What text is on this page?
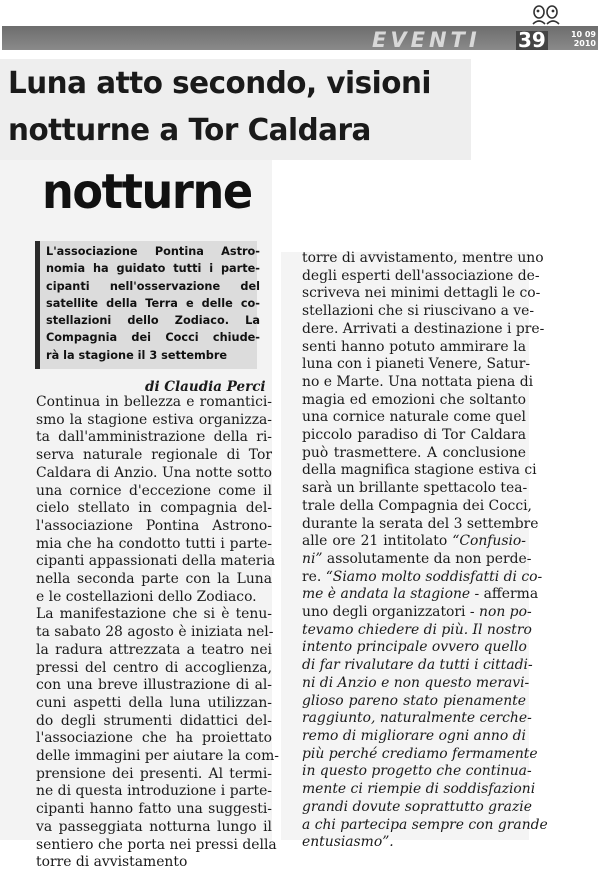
EVENTI 39	10 09
2010
Luna atto secondo, visioni
notturne a Tor Caldara
notturne

L'associazione Pontina Astro-
nomia ha guidato tutti i parte-
cipanti nell'osservazione del
satellite della Terra e delle co-
stellazioni dello Zodiaco. La
Compagnia dei Cocci chiude-
rà la stagione il 3 settembre

di Claudia Perci

Continua in bellezza e romantici-
smo la stagione estiva organizza-
ta dall'amministrazione della ri-
serva naturale regionale di Tor
Caldara di Anzio. Una notte sotto
una cornice d'eccezione come il
cielo stellato in compagnia del-
l'associazione Pontina Astrono-
mia che ha condotto tutti i parte-
cipanti appassionati della materia
nella seconda parte con la Luna
e le costellazioni dello Zodiaco.
La manifestazione che si è tenu-
ta sabato 28 agosto è iniziata nel-
la radura attrezzata a teatro nei
pressi del centro di accoglienza,
con una breve illustrazione di al-
cuni aspetti della luna utilizzan-
do degli strumenti didattici del-
l'associazione che ha proiettato
delle immagini per aiutare la com-
prensione dei presenti. Al termi-
ne di questa introduzione i parte-
cipanti hanno fatto una suggesti-
va passeggiata notturna lungo il
sentiero che porta nei pressi della
torre di avvistamento

torre di avvistamento, mentre uno
degli esperti dell'associazione de-
scriveva nei minimi dettagli le co-
stellazioni che si riuscivano a ve-
dere. Arrivati a destinazione i pre-
senti hanno potuto ammirare la
luna con i pianeti Venere, Satur-
no e Marte. Una nottata piena di
magia ed emozioni che soltanto
una cornice naturale come quel
piccolo paradiso di Tor Caldara
può trasmettere. A conclusione
della magnifica stagione estiva ci
sarà un brillante spettacolo tea-
trale della Compagnia dei Cocci,
durante la serata del 3 settembre
alle ore 21 intitolato “Confusio-
ni” assolutamente da non perde-
re. “Siamo molto soddisfatti di co-
me è andata la stagione - afferma
uno degli organizzatori - non po-
tevamo chiedere di più. Il nostro
intento principale ovvero quello
di far rivalutare da tutti i cittadi-
ni di Anzio e non questo meravi-
glioso pareno stato pienamente
raggiunto, naturalmente cerche-
remo di migliorare ogni anno di
più perché crediamo fermamente
in questo progetto che continua-
mente ci riempie di soddisfazioni
grandi dovute soprattutto grazie
a chi partecipa sempre con grande
entusiasmo”.
